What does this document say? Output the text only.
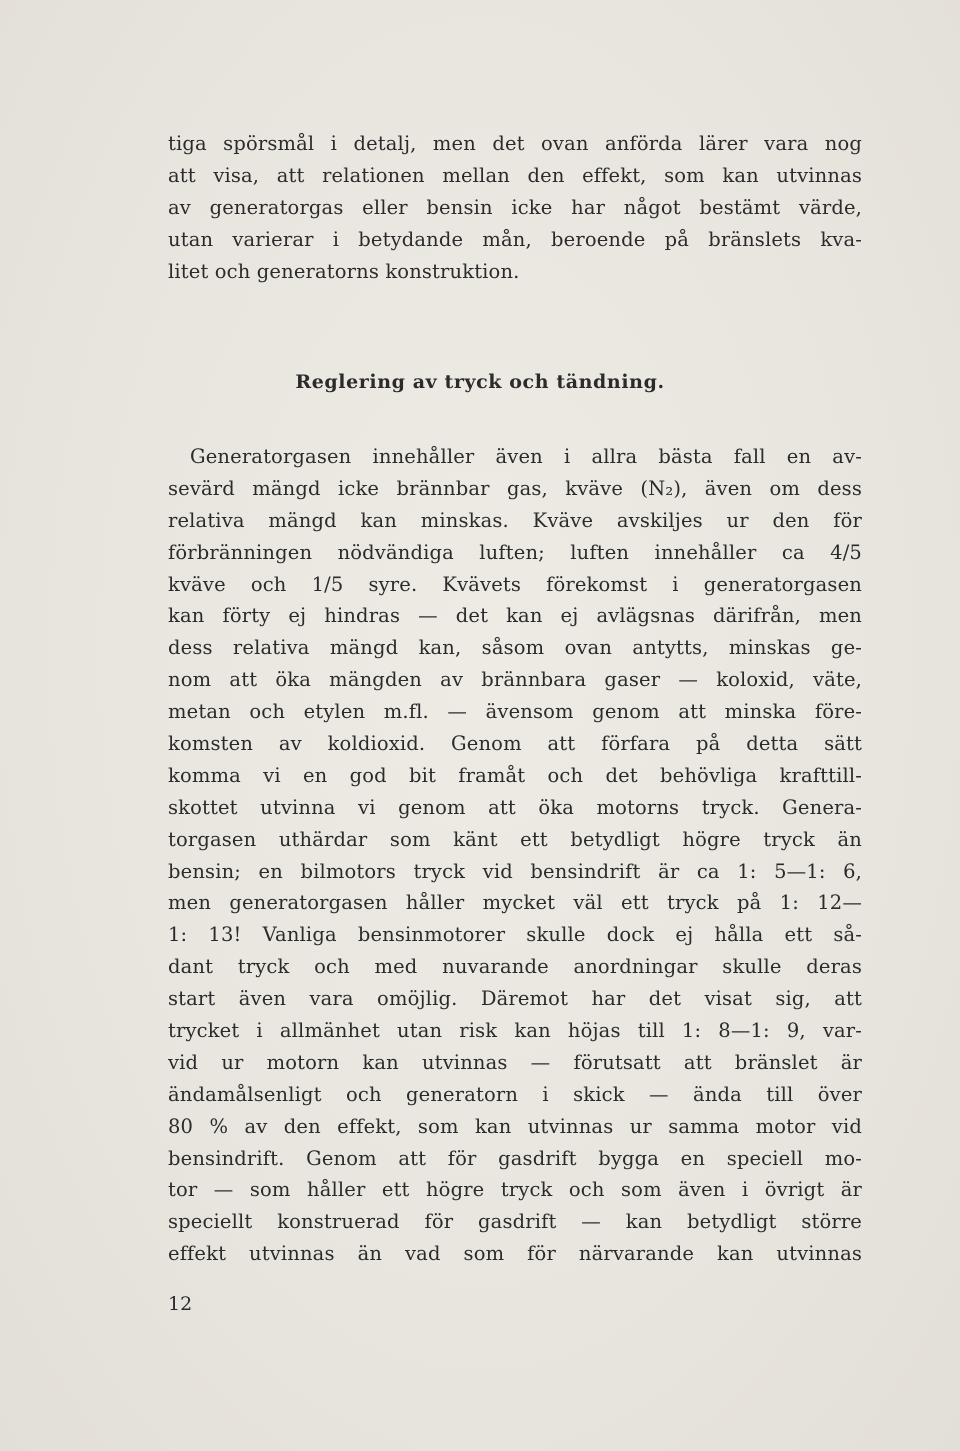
tiga spörsmål i detalj, men det ovan anförda lärer vara nog
att visa, att relationen mellan den effekt, som kan utvinnas
av generatorgas eller bensin icke har något bestämt värde,
utan varierar i betydande mån, beroende på bränslets kva-
litet och generatorns konstruktion.
Reglering av tryck och tändning.
Generatorgasen innehåller även i allra bästa fall en av-
sevärd mängd icke brännbar gas, kväve (N₂), även om dess
relativa mängd kan minskas. Kväve avskiljes ur den för
förbränningen nödvändiga luften; luften innehåller ca 4/5
kväve och 1/5 syre. Kvävets förekomst i generatorgasen
kan förty ej hindras — det kan ej avlägsnas därifrån, men
dess relativa mängd kan, såsom ovan antytts, minskas ge-
nom att öka mängden av brännbara gaser — koloxid, väte,
metan och etylen m.fl. — ävensom genom att minska före-
komsten av koldioxid. Genom att förfara på detta sätt
komma vi en god bit framåt och det behövliga krafttill-
skottet utvinna vi genom att öka motorns tryck. Genera-
torgasen uthärdar som känt ett betydligt högre tryck än
bensin; en bilmotors tryck vid bensindrift är ca 1: 5—1: 6,
men generatorgasen håller mycket väl ett tryck på 1: 12—
1: 13! Vanliga bensinmotorer skulle dock ej hålla ett så-
dant tryck och med nuvarande anordningar skulle deras
start även vara omöjlig. Däremot har det visat sig, att
trycket i allmänhet utan risk kan höjas till 1: 8—1: 9, var-
vid ur motorn kan utvinnas — förutsatt att bränslet är
ändamålsenligt och generatorn i skick — ända till över
80 % av den effekt, som kan utvinnas ur samma motor vid
bensindrift. Genom att för gasdrift bygga en speciell mo-
tor — som håller ett högre tryck och som även i övrigt är
speciellt konstruerad för gasdrift — kan betydligt större
effekt utvinnas än vad som för närvarande kan utvinnas
12
